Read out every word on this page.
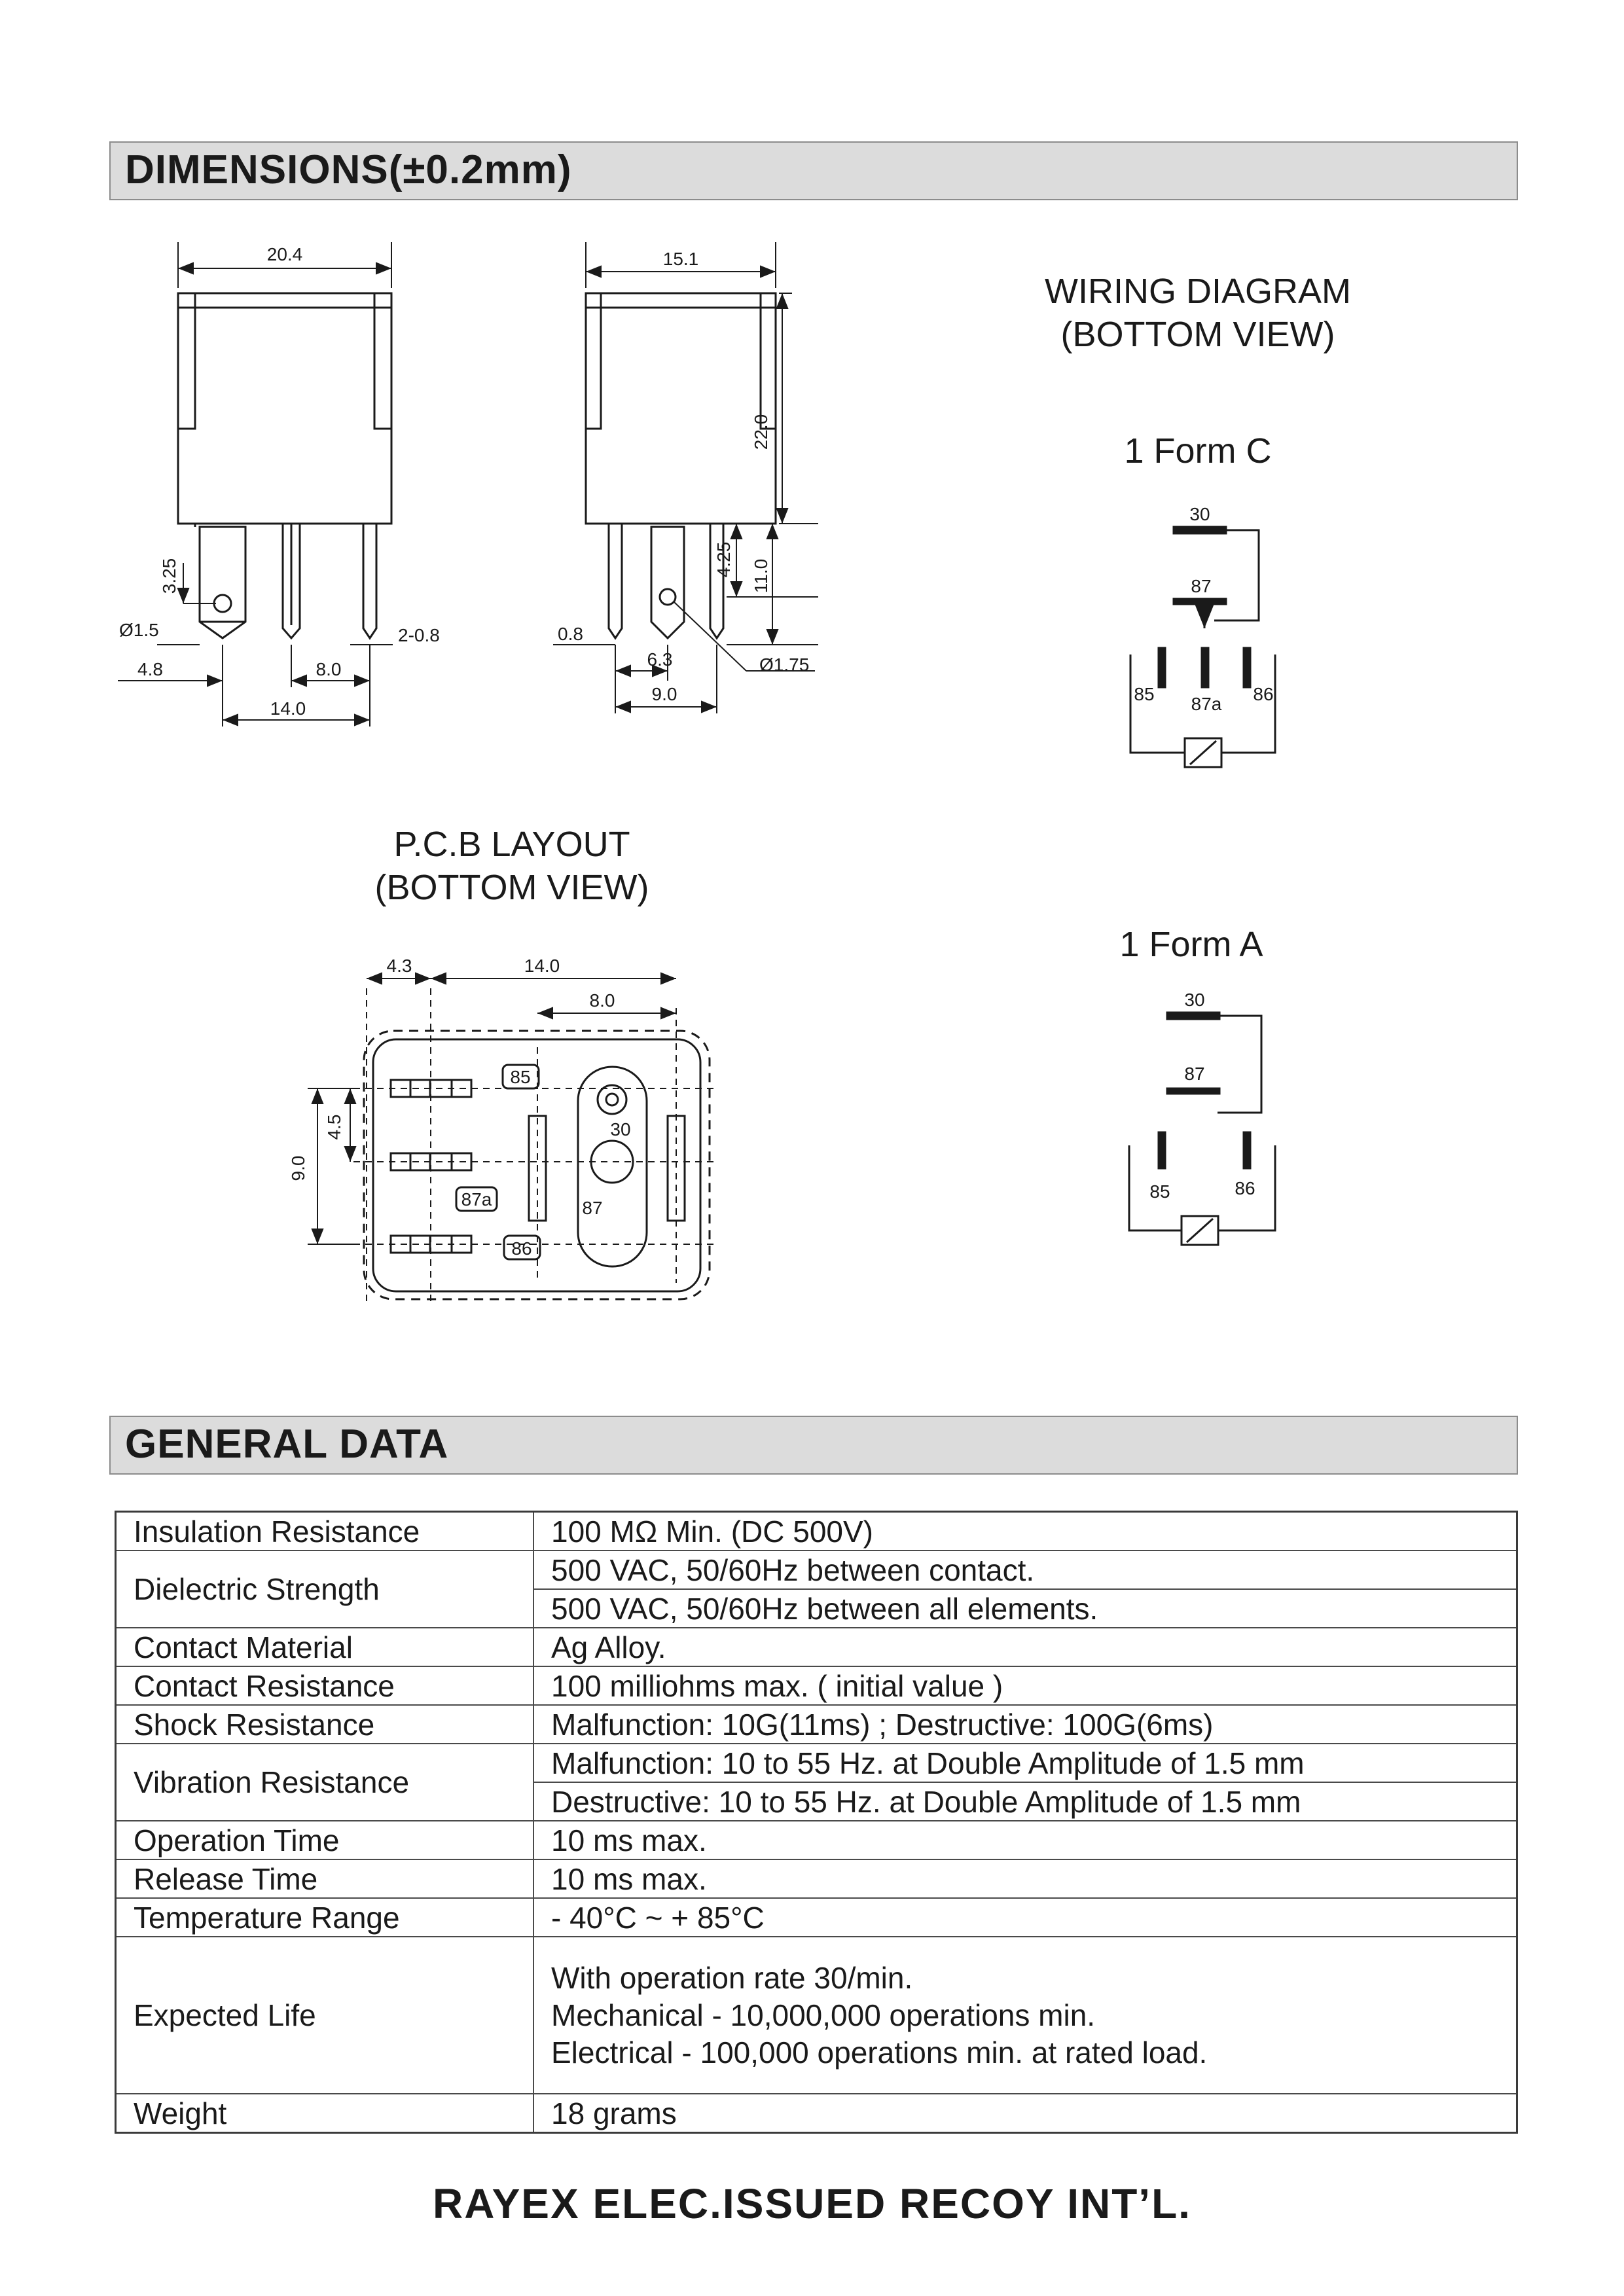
DIMENSIONS(±0.2mm)
20.4
3.25
Ø1.5
4.8	8.0
2-0.8
14.0
15.1
22.0
4.25 11.0
0.8
6.3
9.0
Ø1.75
30
87
85 87a 86
30
87
85	86
4.3	14.0
8.0
4.5
9.0
85
30
87a	87
86
WIRING DIAGRAM
(BOTTOM VIEW)
1 Form C
1 Form A
P.C.B LAYOUT
(BOTTOM VIEW)
GENERAL DATA
Insulation Resistance	100 MΩ Min. (DC 500V)
Dielectric Strength	500 VAC, 50/60Hz between contact.
	500 VAC, 50/60Hz between all elements.
Contact Material	Ag Alloy.
Contact Resistance	100 milliohms max. ( initial value )
Shock Resistance	Malfunction: 10G(11ms) ; Destructive: 100G(6ms)
Vibration Resistance	Malfunction: 10 to 55 Hz. at Double Amplitude of 1.5 mm
	Destructive: 10 to 55 Hz. at Double Amplitude of 1.5 mm
Operation Time	10 ms max.
Release Time	10 ms max.
Temperature Range	- 40°C ~ + 85°C
Expected Life	With operation rate 30/min.
Mechanical - 10,000,000 operations min.
Electrical - 100,000 operations min. at rated load.

Weight	18 grams
RAYEX ELEC.ISSUED RECOY INT’L.
